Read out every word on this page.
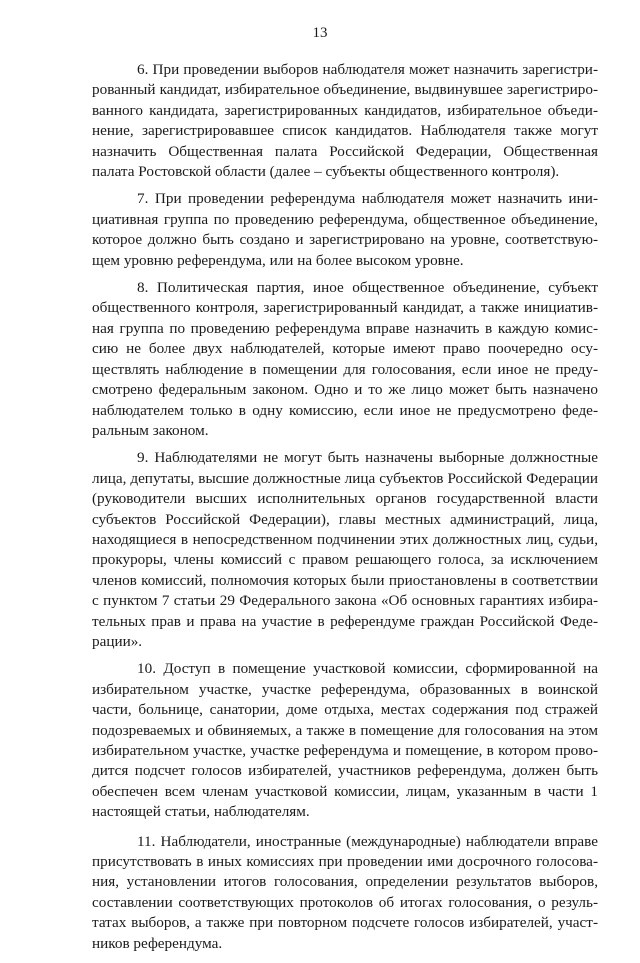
13

6. При проведении выборов наблюдателя может назначить зарегистрированный кандидат, избирательное объединение, выдвинувшее зарегистрированного кандидата, зарегистрированных кандидатов, избирательное объединение, зарегистрировавшее список кандидатов. Наблюдателя также могут назначить Общественная палата Российской Федерации, Общественная палата Ростовской области (далее – субъекты общественного контроля).

7. При проведении референдума наблюдателя может назначить инициативная группа по проведению референдума, общественное объединение, которое должно быть создано и зарегистрировано на уровне, соответствующем уровню референдума, или на более высоком уровне.

8. Политическая партия, иное общественное объединение, субъект общественного контроля, зарегистрированный кандидат, а также инициативная группа по проведению референдума вправе назначить в каждую комиссию не более двух наблюдателей, которые имеют право поочередно осуществлять наблюдение в помещении для голосования, если иное не предусмотрено федеральным законом. Одно и то же лицо может быть назначено наблюдателем только в одну комиссию, если иное не предусмотрено федеральным законом.

9. Наблюдателями не могут быть назначены выборные должностные лица, депутаты, высшие должностные лица субъектов Российской Федерации (руководители высших исполнительных органов государственной власти субъектов Российской Федерации), главы местных администраций, лица, находящиеся в непосредственном подчинении этих должностных лиц, судьи, прокуроры, члены комиссий с правом решающего голоса, за исключением членов комиссий, полномочия которых были приостановлены в соответствии с пунктом 7 статьи 29 Федерального закона «Об основных гарантиях избирательных прав и права на участие в референдуме граждан Российской Федерации».

10. Доступ в помещение участковой комиссии, сформированной на избирательном участке, участке референдума, образованных в воинской части, больнице, санатории, доме отдыха, местах содержания под стражей подозреваемых и обвиняемых, а также в помещение для голосования на этом избирательном участке, участке референдума и помещение, в котором проводится подсчет голосов избирателей, участников референдума, должен быть обеспечен всем членам участковой комиссии, лицам, указанным в части 1 настоящей статьи, наблюдателям.

11. Наблюдатели, иностранные (международные) наблюдатели вправе присутствовать в иных комиссиях при проведении ими досрочного голосования, установлении итогов голосования, определении результатов выборов, составлении соответствующих протоколов об итогах голосования, о результатах выборов, а также при повторном подсчете голосов избирателей, участников референдума.
